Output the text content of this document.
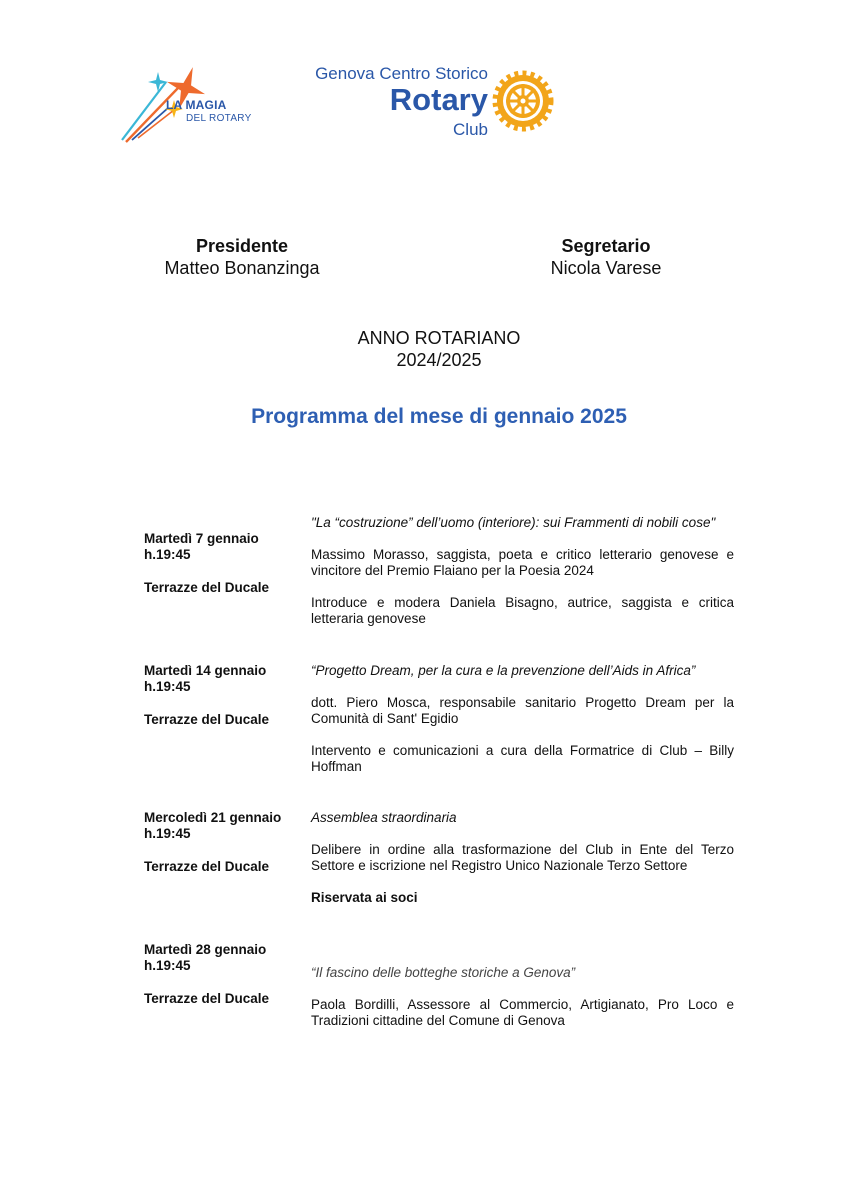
LA MAGIA
DEL ROTARY
Genova Centro Storico
Rotary
Club
Presidente
Matteo Bonanzinga
Segretario
Nicola Varese
ANNO ROTARIANO
2024/2025
Programma del mese di gennaio 2025
Martedì 7 gennaio
h.19:45
Terrazze del Ducale

"La “costruzione” dell’uomo (interiore): sui Frammenti di nobili cose"

Massimo Morasso, saggista, poeta e critico letterario genovese e vincitore del Premio Flaiano per la Poesia 2024

Introduce e modera Daniela Bisagno, autrice, saggista e critica letteraria genovese

Martedì 14 gennaio
h.19:45
Terrazze del Ducale

“Progetto Dream, per la cura e la prevenzione dell’Aids in Africa”

dott. Piero Mosca, responsabile sanitario Progetto Dream per la Comunità di Sant' Egidio

Intervento e comunicazioni a cura della Formatrice di Club – Billy Hoffman

Mercoledì 21 gennaio
h.19:45
Terrazze del Ducale

Assemblea straordinaria

Delibere in ordine alla trasformazione del Club in Ente del Terzo Settore e iscrizione nel Registro Unico Nazionale Terzo Settore

Riservata ai soci

Martedì 28 gennaio
h.19:45
Terrazze del Ducale

“Il fascino delle botteghe storiche a Genova”

Paola Bordilli, Assessore al Commercio, Artigianato, Pro Loco e Tradizioni cittadine del Comune di Genova
